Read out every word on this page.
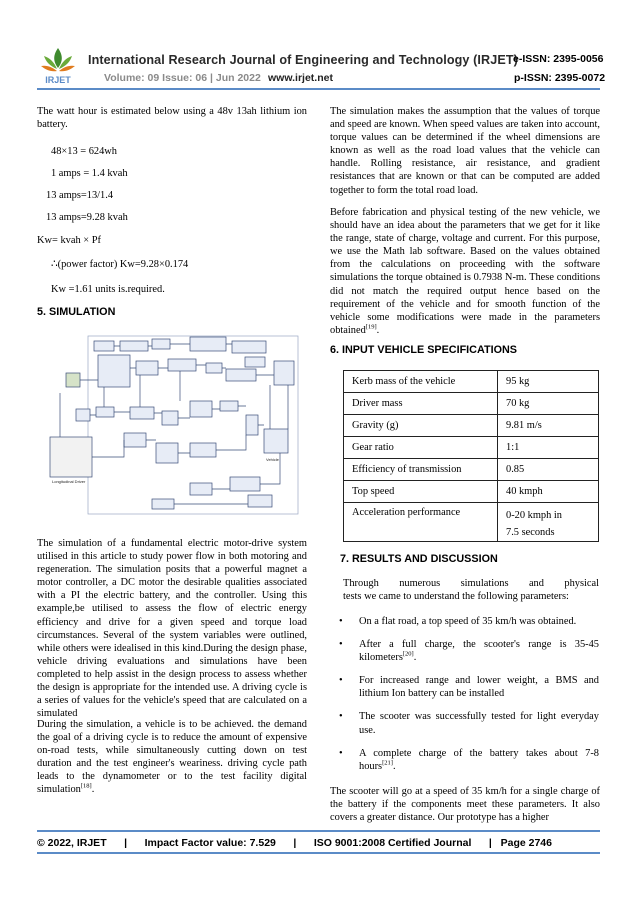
IRJET
International Research Journal of Engineering and Technology (IRJET)
e-ISSN: 2395-0056
Volume: 09 Issue: 06 | Jun 2022 www.irjet.net	p-ISSN: 2395-0072

The watt hour is estimated below using a 48v 13ah lithium ion battery.

48×13 = 624wh
1 amps = 1.4 kvah
13 amps=13/1.4
13 amps=9.28 kvah
Kw= kvah × Pf
∴(power factor) Kw=9.28×0.174
Kw =1.61 units is.required.
5. SIMULATION
Longitudinal Driver
Vehicle

The simulation of a fundamental electric motor-drive system utilised in this article to study power flow in both motoring and regeneration. The simulation posits that a powerful magnet a motor controller, a DC motor the desirable qualities associated with a PI the electric battery, and the controller. Using this example,be utilised to assess the flow of electric energy efficiency and drive for a given speed and torque load circumstances. Several of the system variables were outlined, while others were idealised in this kind.During the design phase, vehicle driving evaluations and simulations have been completed to help assist in the design process to assess whether the design is appropriate for the intended use. A driving cycle is a series of values for the vehicle's speed that are calculated on a simulated

During the simulation, a vehicle is to be achieved. the demand the goal of a driving cycle is to reduce the amount of expensive on-road tests, while simultaneously cutting down on test duration and the test engineer's weariness. driving cycle path leads to the dynamometer or to the test facility digital simulation[18].

The simulation makes the assumption that the values of torque and speed are known. When speed values are taken into account, torque values can be determined if the wheel dimensions are known as well as the road load values that the vehicle can handle. Rolling resistance, air resistance, and gradient resistances that are known or that can be computed are added together to form the total road load.

Before fabrication and physical testing of the new vehicle, we should have an idea about the parameters that we get for it like the range, state of charge, voltage and current. For this purpose, we use the Math lab software. Based on the values obtained from the calculations on proceeding with the software simulations the torque obtained is 0.7938 N-m. These conditions did not match the required output hence based on the requirement of the vehicle and for smooth function of the vehicle some modifications were made in the parameters obtained[19].

6. INPUT VEHICLE SPECIFICATIONS
Kerb mass of the vehicle	95 kg
Driver mass	70 kg
Gravity (g)	9.81 m/s
Gear ratio	1:1
Efficiency of transmission	0.85
Top speed	40 kmph
Acceleration performance	0-20 kmph in
7.5 seconds
7. RESULTS AND DISCUSSION
Through numerous simulations and physical
tests we came to understand the following parameters:
• On a flat road, a top speed of 35 km/h was obtained.
• After a full charge, the scooter's range is 35-45 kilometers[20].
• For increased range and lower weight, a BMS and lithium Ion battery can be installed
• The scooter was successfully tested for light everyday use.
• A complete charge of the battery takes about 7-8 hours[21].

The scooter will go at a speed of 35 km/h for a single charge of the battery if the components meet these parameters. It also covers a greater distance. Our prototype has a higher

© 2022, IRJET      |      Impact Factor value: 7.529      |      ISO 9001:2008 Certified Journal      |   Page 2746
